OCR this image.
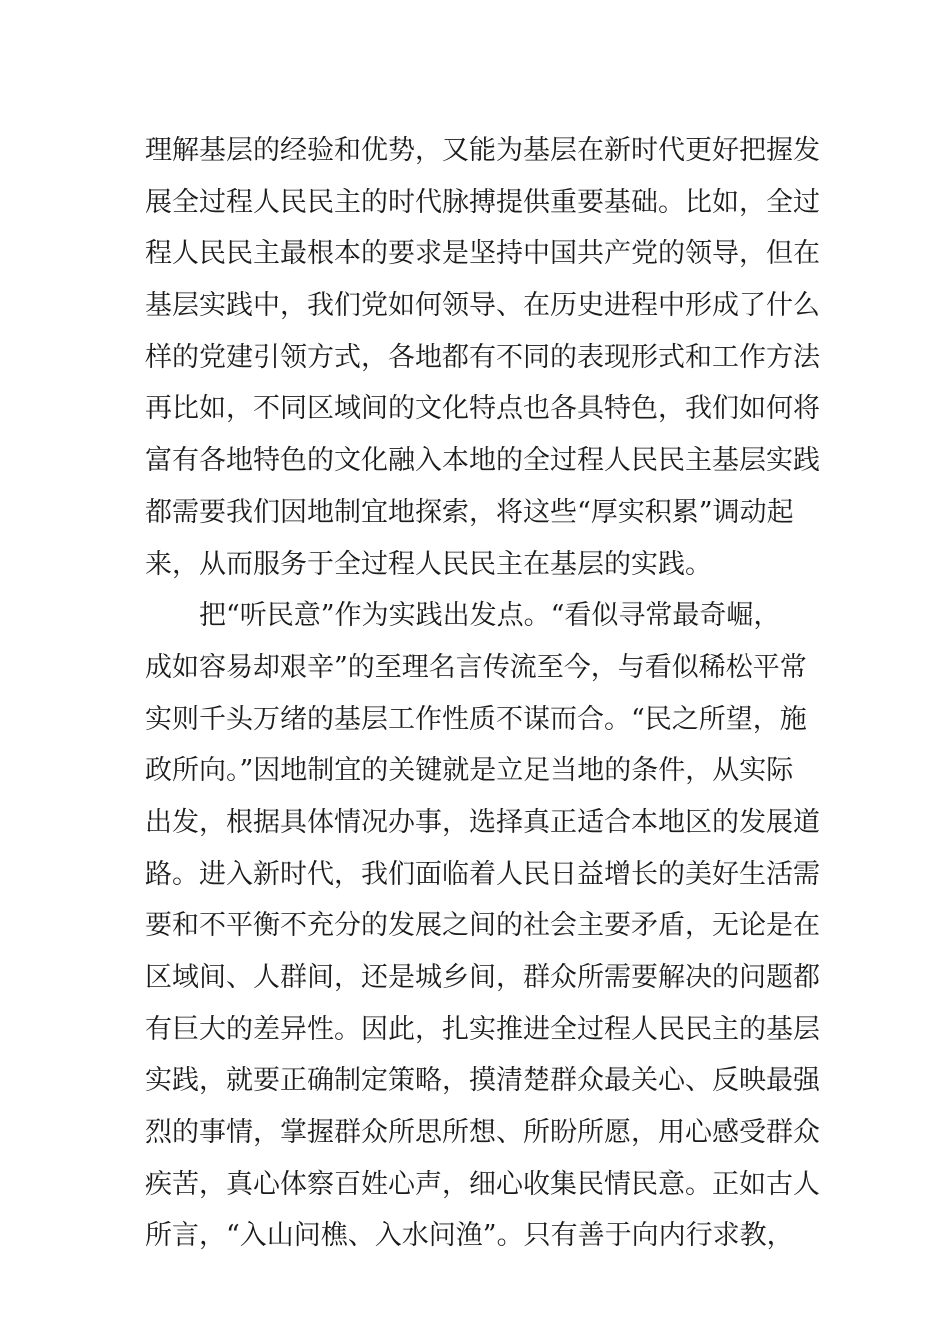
理解基层的经验和优势，又能为基层在新时代更好把握发
展全过程人民民主的时代脉搏提供重要基础。比如，全过
程人民民主最根本的要求是坚持中国共产党的领导，但在
基层实践中，我们党如何领导、在历史进程中形成了什么
样的党建引领方式，各地都有不同的表现形式和工作方法
再比如，不同区域间的文化特点也各具特色，我们如何将
富有各地特色的文化融入本地的全过程人民民主基层实践
都需要我们因地制宜地探索，将这些“厚实积累”调动起
来，从而服务于全过程人民民主在基层的实践。
把“听民意”作为实践出发点。“看似寻常最奇崛，
成如容易却艰辛”的至理名言传流至今，与看似稀松平常
实则千头万绪的基层工作性质不谋而合。“民之所望，施
政所向。”因地制宜的关键就是立足当地的条件，从实际
出发，根据具体情况办事，选择真正适合本地区的发展道
路。进入新时代，我们面临着人民日益增长的美好生活需
要和不平衡不充分的发展之间的社会主要矛盾，无论是在
区域间、人群间，还是城乡间，群众所需要解决的问题都
有巨大的差异性。因此，扎实推进全过程人民民主的基层
实践，就要正确制定策略，摸清楚群众最关心、反映最强
烈的事情，掌握群众所思所想、所盼所愿，用心感受群众
疾苦，真心体察百姓心声，细心收集民情民意。正如古人
所言，“入山问樵、入水问渔”。只有善于向内行求教，
